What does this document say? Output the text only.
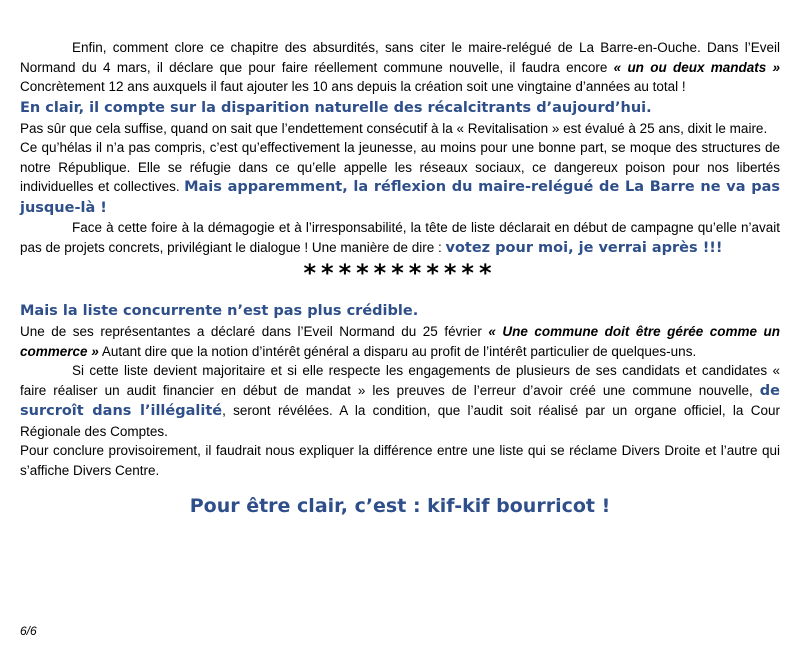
Enfin, comment clore ce chapitre des absurdités, sans citer le maire-relégué de La Barre-en-Ouche. Dans l’Eveil Normand du 4 mars, il déclare que pour faire réellement commune nouvelle, il faudra encore « un ou deux mandats » Concrètement 12 ans auxquels il faut ajouter les 10 ans depuis la création soit une vingtaine d’années au total !

En clair, il compte sur la disparition naturelle des récalcitrants d’aujourd’hui.

Pas sûr que cela suffise, quand on sait que l’endettement consécutif à la « Revitalisation » est évalué à 25 ans, dixit le maire.

Ce qu’hélas il n’a pas compris, c’est qu’effectivement la jeunesse, au moins pour une bonne part, se moque des structures de notre République. Elle se réfugie dans ce qu’elle appelle les réseaux sociaux, ce dangereux poison pour nos libertés individuelles et collectives. Mais apparemment, la réflexion du maire-relégué de La Barre ne va pas jusque-là !

Face à cette foire à la démagogie et à l’irresponsabilité, la tête de liste déclarait en début de campagne qu’elle n’avait pas de projets concrets, privilégiant le dialogue ! Une manière de dire : votez pour moi, je verrai après !!!

***********

Mais la liste concurrente n’est pas plus crédible.

Une de ses représentantes a déclaré dans l’Eveil Normand du 25 février « Une commune doit être gérée comme un commerce » Autant dire que la notion d’intérêt général a disparu au profit de l’intérêt particulier de quelques-uns.

Si cette liste devient majoritaire et si elle respecte les engagements de plusieurs de ses candidats et candidates « faire réaliser un audit financier en début de mandat » les preuves de l’erreur d’avoir créé une commune nouvelle, de surcroît dans l’illégalité, seront révélées. A la condition, que l’audit soit réalisé par un organe officiel, la Cour Régionale des Comptes.

Pour conclure provisoirement, il faudrait nous expliquer la différence entre une liste qui se réclame Divers Droite et l’autre qui s’affiche Divers Centre.

Pour être clair, c’est : kif-kif bourricot !

6/6
